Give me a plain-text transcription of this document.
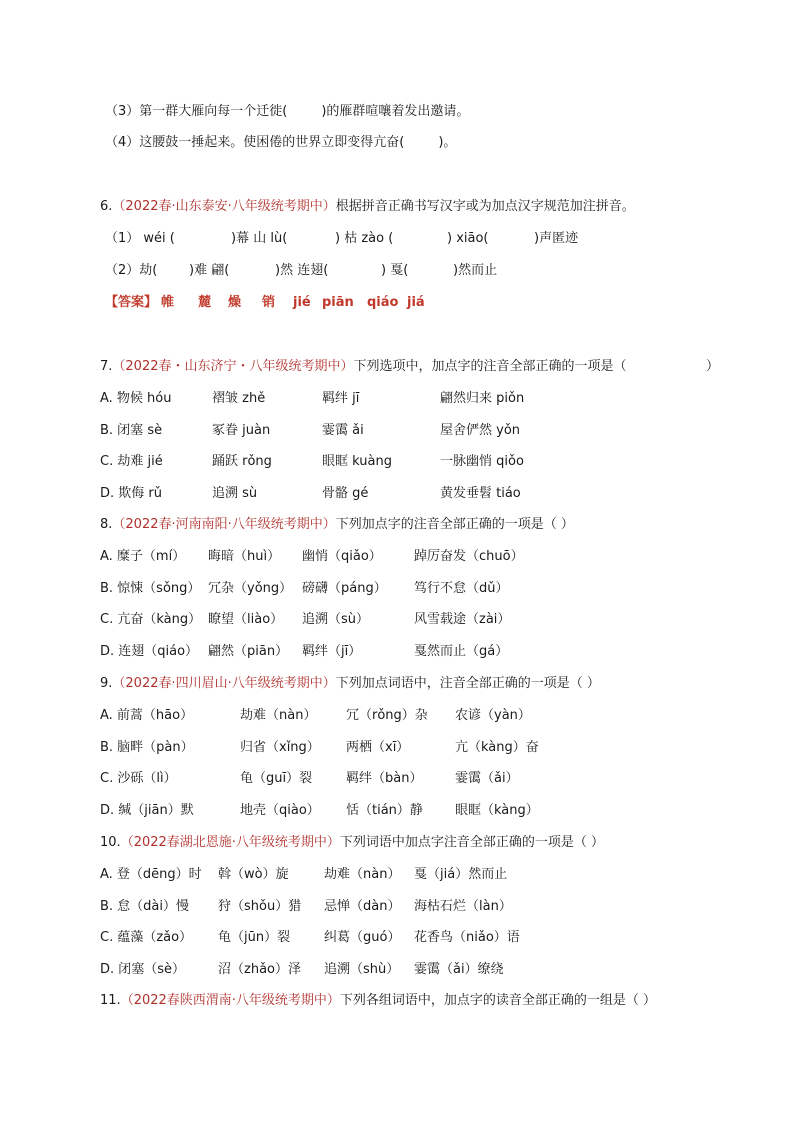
（3）第一群大雁向每一个迁徙(	)的雁群喧嚷着发出邀请。
（4）这腰鼓一捶起来。使困倦的世界立即变得亢奋(	)。
6.（2022春·山东泰安·八年级统考期中）根据拼音正确书写汉字或为加点汉字规范加注拼音。
（1） wéi (	)幕 山 lù(	) 枯 zào (	) xiāo(	)声匿迹
（2）劫( )难 翩(	)然 连翅(	) 戛(	)然而止
【答案】 帷 麓 燥 销 jié piān qiáo jiá
7.（2022春・山东济宁・八年级统考期中）下列选项中，加点字的注音全部正确的一项是（	）
A. 物候 hóu	褶皱 zhě	羁绊 jī	翩然归来 piǒn
B. 闭塞 sè	冢眷 juàn	霎霭 ǎi	屋舍俨然 yǒn
C. 劫难 jié	踊跃 rǒng	眼眶 kuàng	一脉幽悄 qiǒo
D. 欺侮 rǔ	追溯 sù	骨骼 gé	黄发垂髫 tiáo
8.（2022春·河南南阳·八年级统考期中）下列加点字的注音全部正确的一项是（ ）
A. 糜子（mí） 晦暗（huì） 幽悄（qiǎo） 踔厉奋发（chuō）
B. 惊悚（sǒng） 冗杂（yǒng） 磅礴（páng） 笃行不怠（dǔ）
C. 亢奋（kàng） 瞭望（liào） 追溯（sù）	风雪载途（zài）
D. 连翅（qiáo） 翩然（piān） 羁绊（jī）	戛然而止（gá）
9.（2022春·四川眉山·八年级统考期中）下列加点词语中，注音全部正确的一项是（ ）
A. 前蒿（hāo）	劫难（nàn） 冗（rǒng）杂 农谚（yàn）
B. 脑畔（pàn）	归省（xǐng） 两栖（xī）	亢（kàng）奋
C. 沙砾（lì）	龟（guī）裂	羁绊（bàn）	霎霭（ǎi）
D. 缄（jiān）默	地壳（qiào） 恬（tián）静 眼眶（kàng）
10.（2022春湖北恩施·八年级统考期中）下列词语中加点字注音全部正确的一项是（ ）
A. 登（dēng）时 斡（wò）旋	劫难（nàn） 戛（jiá）然而止
B. 怠（dài）慢 狩（shǒu）猎 忌惮（dàn） 海枯石烂（làn）
C. 蕴藻（zǎo） 龟（jūn）裂	纠葛（guó） 花香鸟（niǎo）语
D. 闭塞（sè）	沼（zhǎo）泽 追溯（shù） 霎霭（ǎi）缭绕
11.（2022春陕西渭南·八年级统考期中）下列各组词语中，加点字的读音全部正确的一组是（ ）
